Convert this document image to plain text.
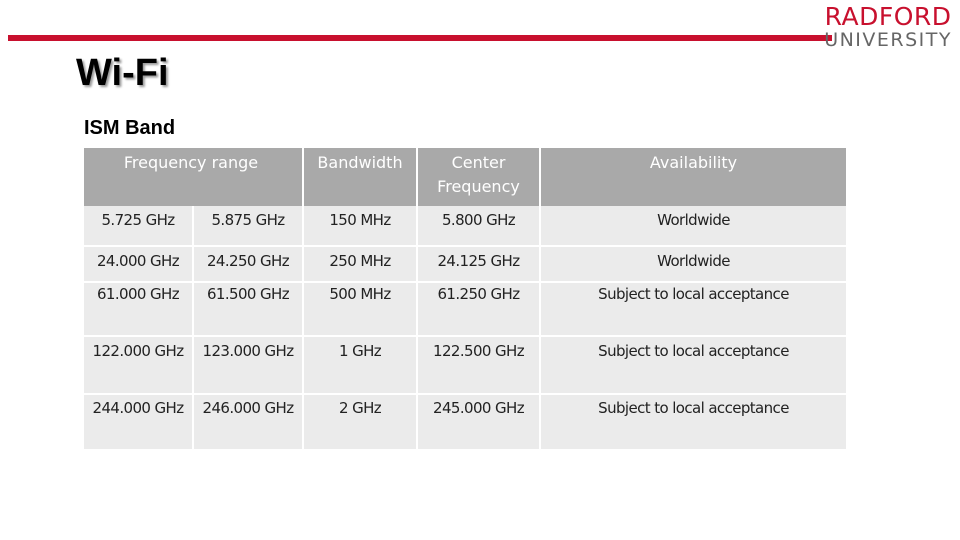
RADFORD
UNIVERSITY
Wi-Fi
ISM Band
Frequency range		Bandwidth	Center Frequency	Availability
5.725 GHz	5.875 GHz	150 MHz	5.800 GHz	Worldwide
24.000 GHz	24.250 GHz	250 MHz	24.125 GHz	Worldwide
61.000 GHz	61.500 GHz	500 MHz	61.250 GHz	Subject to local acceptance
122.000 GHz	123.000 GHz	1 GHz	122.500 GHz	Subject to local acceptance
244.000 GHz	246.000 GHz	2 GHz	245.000 GHz	Subject to local acceptance
